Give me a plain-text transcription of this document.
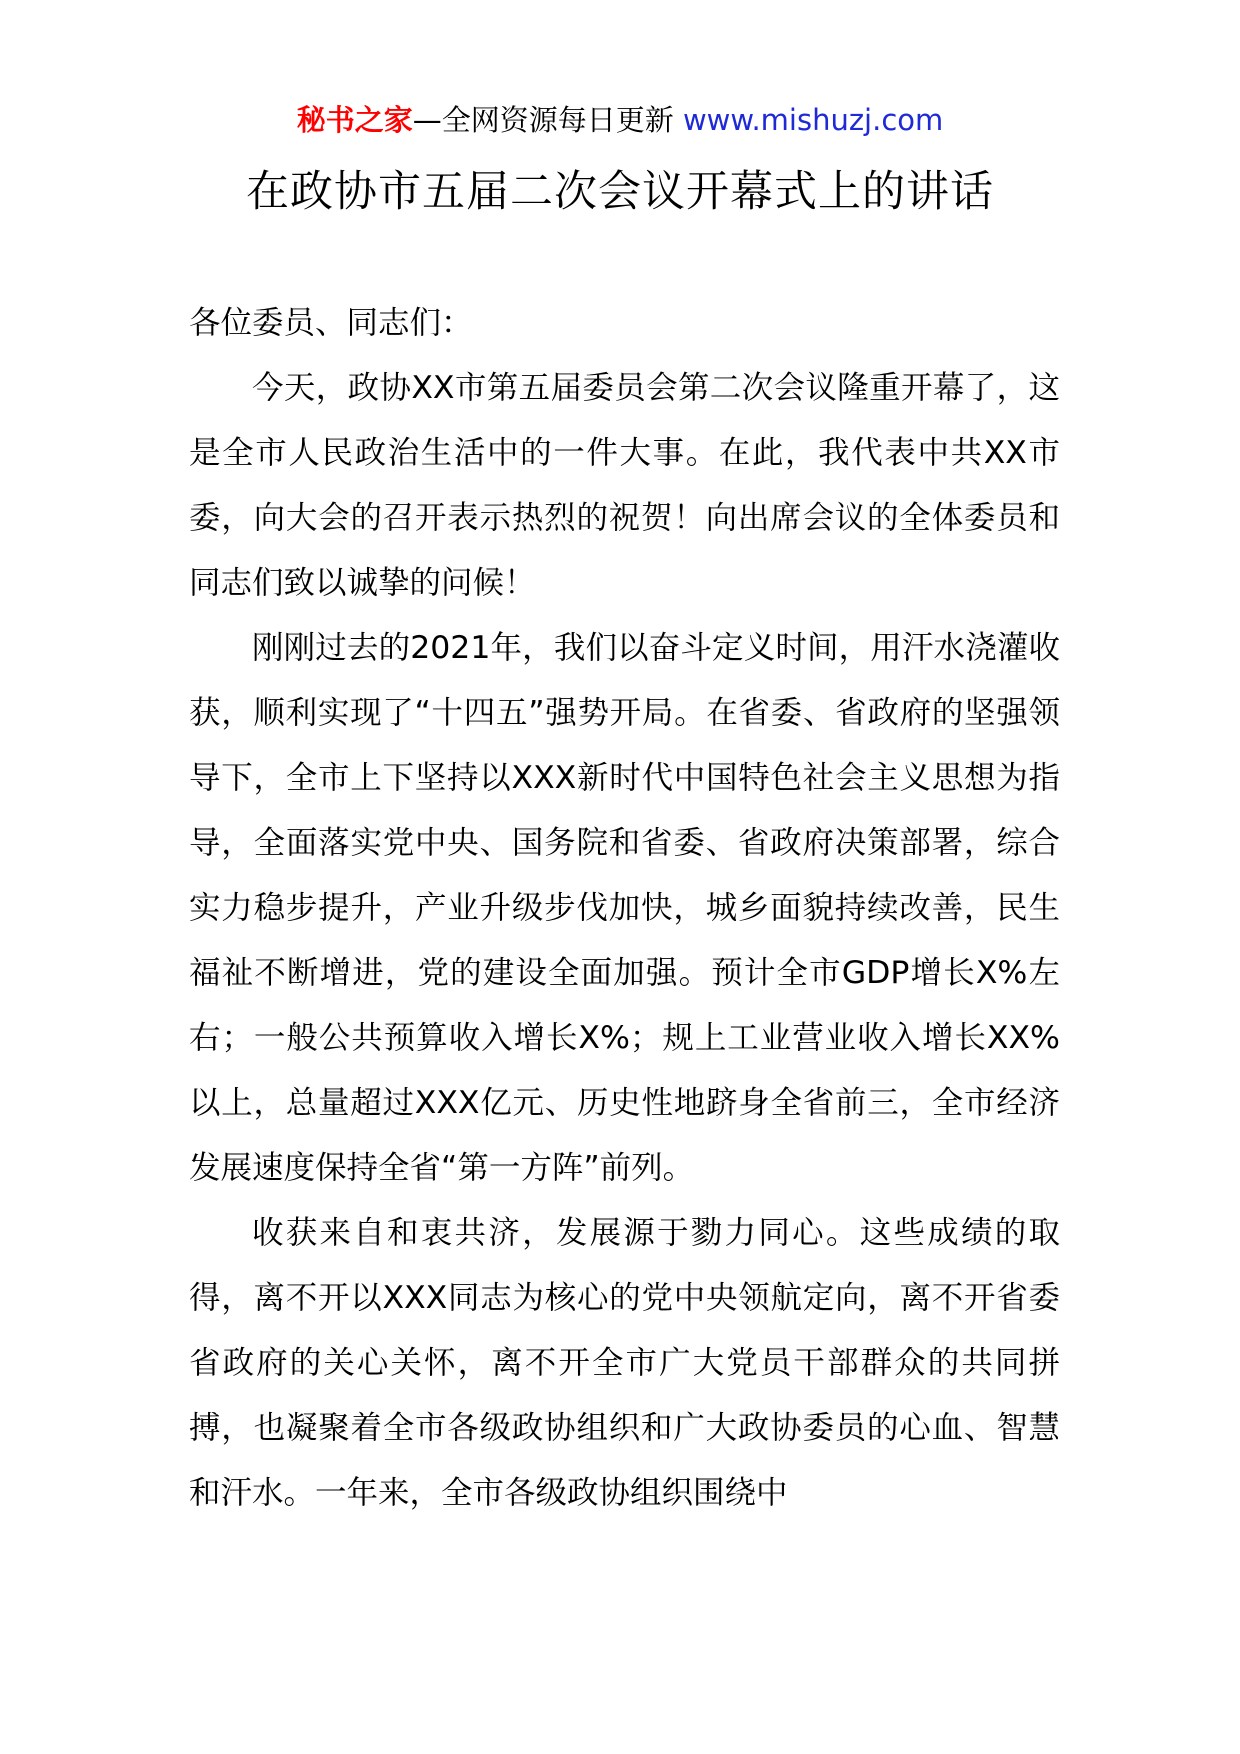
秘书之家—全网资源每日更新 www.mishuzj.com
在政协市五届二次会议开幕式上的讲话

各位委员、同志们：

今天，政协XX市第五届委员会第二次会议隆重开幕了，这是全市人民政治生活中的一件大事。在此，我代表中共XX市委，向大会的召开表示热烈的祝贺！向出席会议的全体委员和同志们致以诚挚的问候！

刚刚过去的2021年，我们以奋斗定义时间，用汗水浇灌收获，顺利实现了“十四五”强势开局。在省委、省政府的坚强领导下，全市上下坚持以XXX新时代中国特色社会主义思想为指导，全面落实党中央、国务院和省委、省政府决策部署，综合实力稳步提升，产业升级步伐加快，城乡面貌持续改善，民生福祉不断增进，党的建设全面加强。预计全市GDP增长X%左右；一般公共预算收入增长X%；规上工业营业收入增长XX%以上，总量超过XXX亿元、历史性地跻身全省前三，全市经济发展速度保持全省“第一方阵”前列。

收获来自和衷共济，发展源于勠力同心。这些成绩的取得，离不开以XXX同志为核心的党中央领航定向，离不开省委省政府的关心关怀，离不开全市广大党员干部群众的共同拼搏，也凝聚着全市各级政协组织和广大政协委员的心血、智慧和汗水。一年来，全市各级政协组织围绕中
